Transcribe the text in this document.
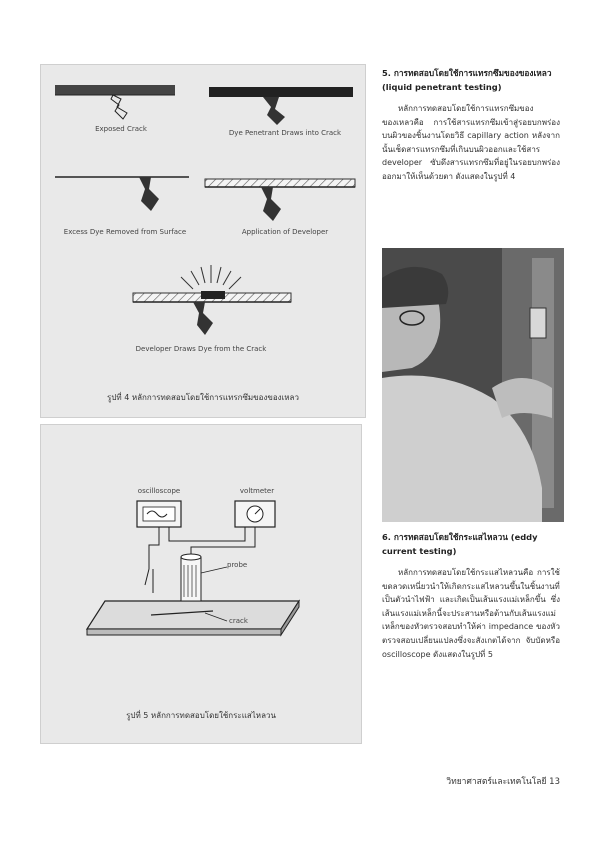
Exposed Crack	Dye Penetrant Draws into Crack
Excess Dye Removed from Surface	Application of Developer
Developer Draws Dye from the Crack
รูปที่ 4 หลักการทดสอบโดยใช้การแทรกซึมของของเหลว
oscilloscope	voltmeter
probe
crack
รูปที่ 5 หลักการทดสอบโดยใช้กระแสไหลวน
5. การทดสอบโดยใช้การแทรกซึมของของเหลว (liquid penetrant testing)
หลักการทดสอบโดยใช้การแทรกซึมของของเหลวคือ การใช้สารแทรกซึมเข้าสู่รอยบกพร่องบนผิวของชิ้นงานโดยวิธี capillary action หลังจากนั้นเช็ดสารแทรกซึมที่เกินบนผิวออกและใช้สาร developer ซับดึงสารแทรกซึมที่อยู่ในรอยบกพร่องออกมาให้เห็นด้วยตา ดังแสดงในรูปที่ 4
6. การทดสอบโดยใช้กระแสไหลวน (eddy current testing)
หลักการทดสอบโดยใช้กระแสไหลวนคือ การใช้ขดลวดเหนี่ยวนำให้เกิดกระแสไหลวนขึ้นในชิ้นงานที่เป็นตัวนำไฟฟ้า และเกิดเป็นเส้นแรงแม่เหล็กขึ้น ซึ่งเส้นแรงแม่เหล็กนี้จะประสานหรือต้านกับเส้นแรงแม่เหล็กของหัวตรวจสอบทำให้ค่า impedance ของหัวตรวจสอบเปลี่ยนแปลงซึ่งจะสังเกตได้จาก จับบัดหรือ oscilloscope ดังแสดงในรูปที่ 5
วิทยาศาสตร์และเทคโนโลยี 13
